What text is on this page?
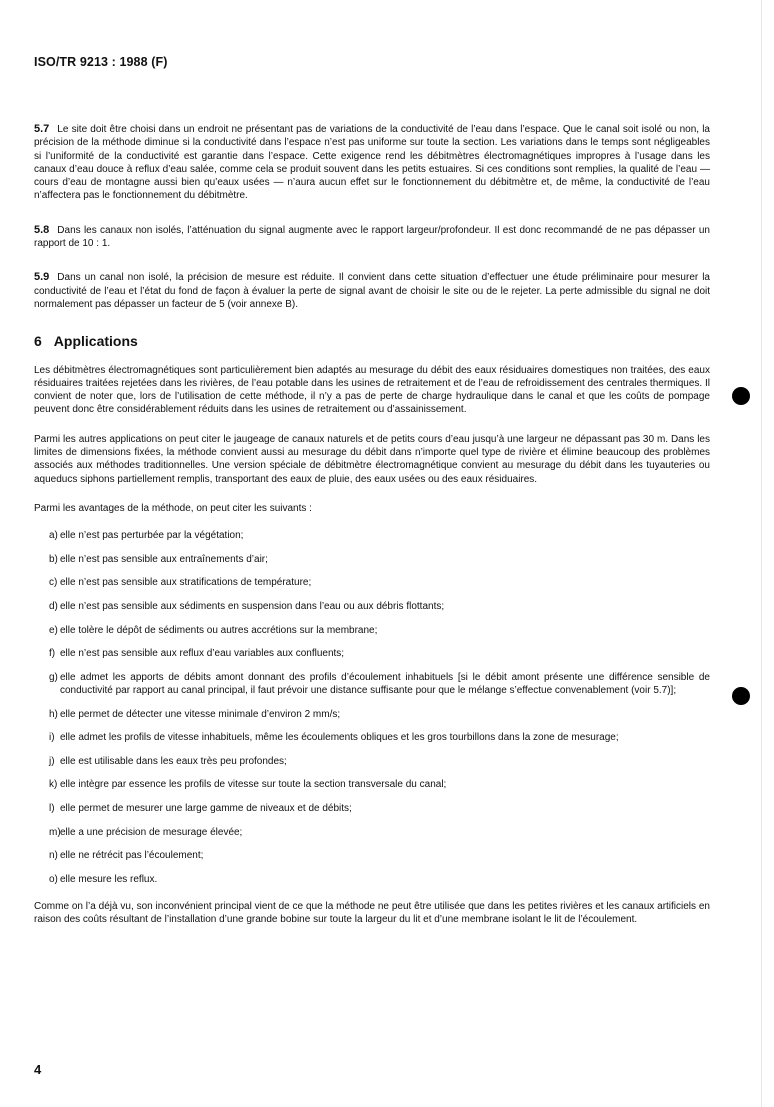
ISO/TR 9213 : 1988 (F)

5.7 Le site doit être choisi dans un endroit ne présentant pas de variations de la conductivité de l’eau dans l’espace. Que le canal soit isolé ou non, la précision de la méthode diminue si la conductivité dans l’espace n’est pas uniforme sur toute la section. Les variations dans le temps sont négligeables si l’uniformité de la conductivité est garantie dans l’espace. Cette exigence rend les débitmètres électromagnétiques impropres à l’usage dans les canaux d’eau douce à reflux d’eau salée, comme cela se produit souvent dans les petits estuaires. Si ces conditions sont remplies, la qualité de l’eau — cours d’eau de montagne aussi bien qu’eaux usées — n’aura aucun effet sur le fonctionnement du débitmètre et, de même, la conductivité de l’eau n’affectera pas le fonctionnement du débitmètre.

5.8 Dans les canaux non isolés, l’atténuation du signal augmente avec le rapport largeur/profondeur. Il est donc recommandé de ne pas dépasser un rapport de 10 : 1.

5.9 Dans un canal non isolé, la précision de mesure est réduite. Il convient dans cette situation d’effectuer une étude préliminaire pour mesurer la conductivité de l’eau et l’état du fond de façon à évaluer la perte de signal avant de choisir le site ou de le rejeter. La perte admissible du signal ne doit normalement pas dépasser un facteur de 5 (voir annexe B).

6 Applications

Les débitmètres électromagnétiques sont particulièrement bien adaptés au mesurage du débit des eaux résiduaires domestiques non traitées, des eaux résiduaires traitées rejetées dans les rivières, de l’eau potable dans les usines de retraitement et de l’eau de refroidissement des centrales thermiques. Il convient de noter que, lors de l’utilisation de cette méthode, il n’y a pas de perte de charge hydraulique dans le canal et que les coûts de pompage peuvent donc être considérablement réduits dans les usines de retraitement ou d’assainissement.

Parmi les autres applications on peut citer le jaugeage de canaux naturels et de petits cours d’eau jusqu’à une largeur ne dépassant pas 30 m. Dans les limites de dimensions fixées, la méthode convient aussi au mesurage du débit dans n’importe quel type de rivière et élimine beaucoup des problèmes associés aux méthodes traditionnelles. Une version spéciale de débitmètre électromagnétique convient au mesurage du débit dans les tuyauteries ou aqueducs siphons partiellement remplis, transportant des eaux de pluie, des eaux usées ou des eaux résiduaires.

Parmi les avantages de la méthode, on peut citer les suivants :

a) elle n’est pas perturbée par la végétation;
b) elle n’est pas sensible aux entraînements d’air;
c) elle n’est pas sensible aux stratifications de température;
d) elle n’est pas sensible aux sédiments en suspension dans l’eau ou aux débris flottants;
e) elle tolère le dépôt de sédiments ou autres accrétions sur la membrane;
f) elle n’est pas sensible aux reflux d’eau variables aux confluents;
g) elle admet les apports de débits amont donnant des profils d’écoulement inhabituels [si le débit amont présente une différence sensible de conductivité par rapport au canal principal, il faut prévoir une distance suffisante pour que le mélange s’effectue convenablement (voir 5.7)];
h) elle permet de détecter une vitesse minimale d’environ 2 mm/s;
i) elle admet les profils de vitesse inhabituels, même les écoulements obliques et les gros tourbillons dans la zone de mesurage;
j) elle est utilisable dans les eaux très peu profondes;
k) elle intègre par essence les profils de vitesse sur toute la section transversale du canal;
l) elle permet de mesurer une large gamme de niveaux et de débits;
m) elle a une précision de mesurage élevée;
n) elle ne rétrécit pas l’écoulement;
o) elle mesure les reflux.

Comme on l’a déjà vu, son inconvénient principal vient de ce que la méthode ne peut être utilisée que dans les petites rivières et les canaux artificiels en raison des coûts résultant de l’installation d’une grande bobine sur toute la largeur du lit et d’une membrane isolant le lit de l’écoulement.

4
